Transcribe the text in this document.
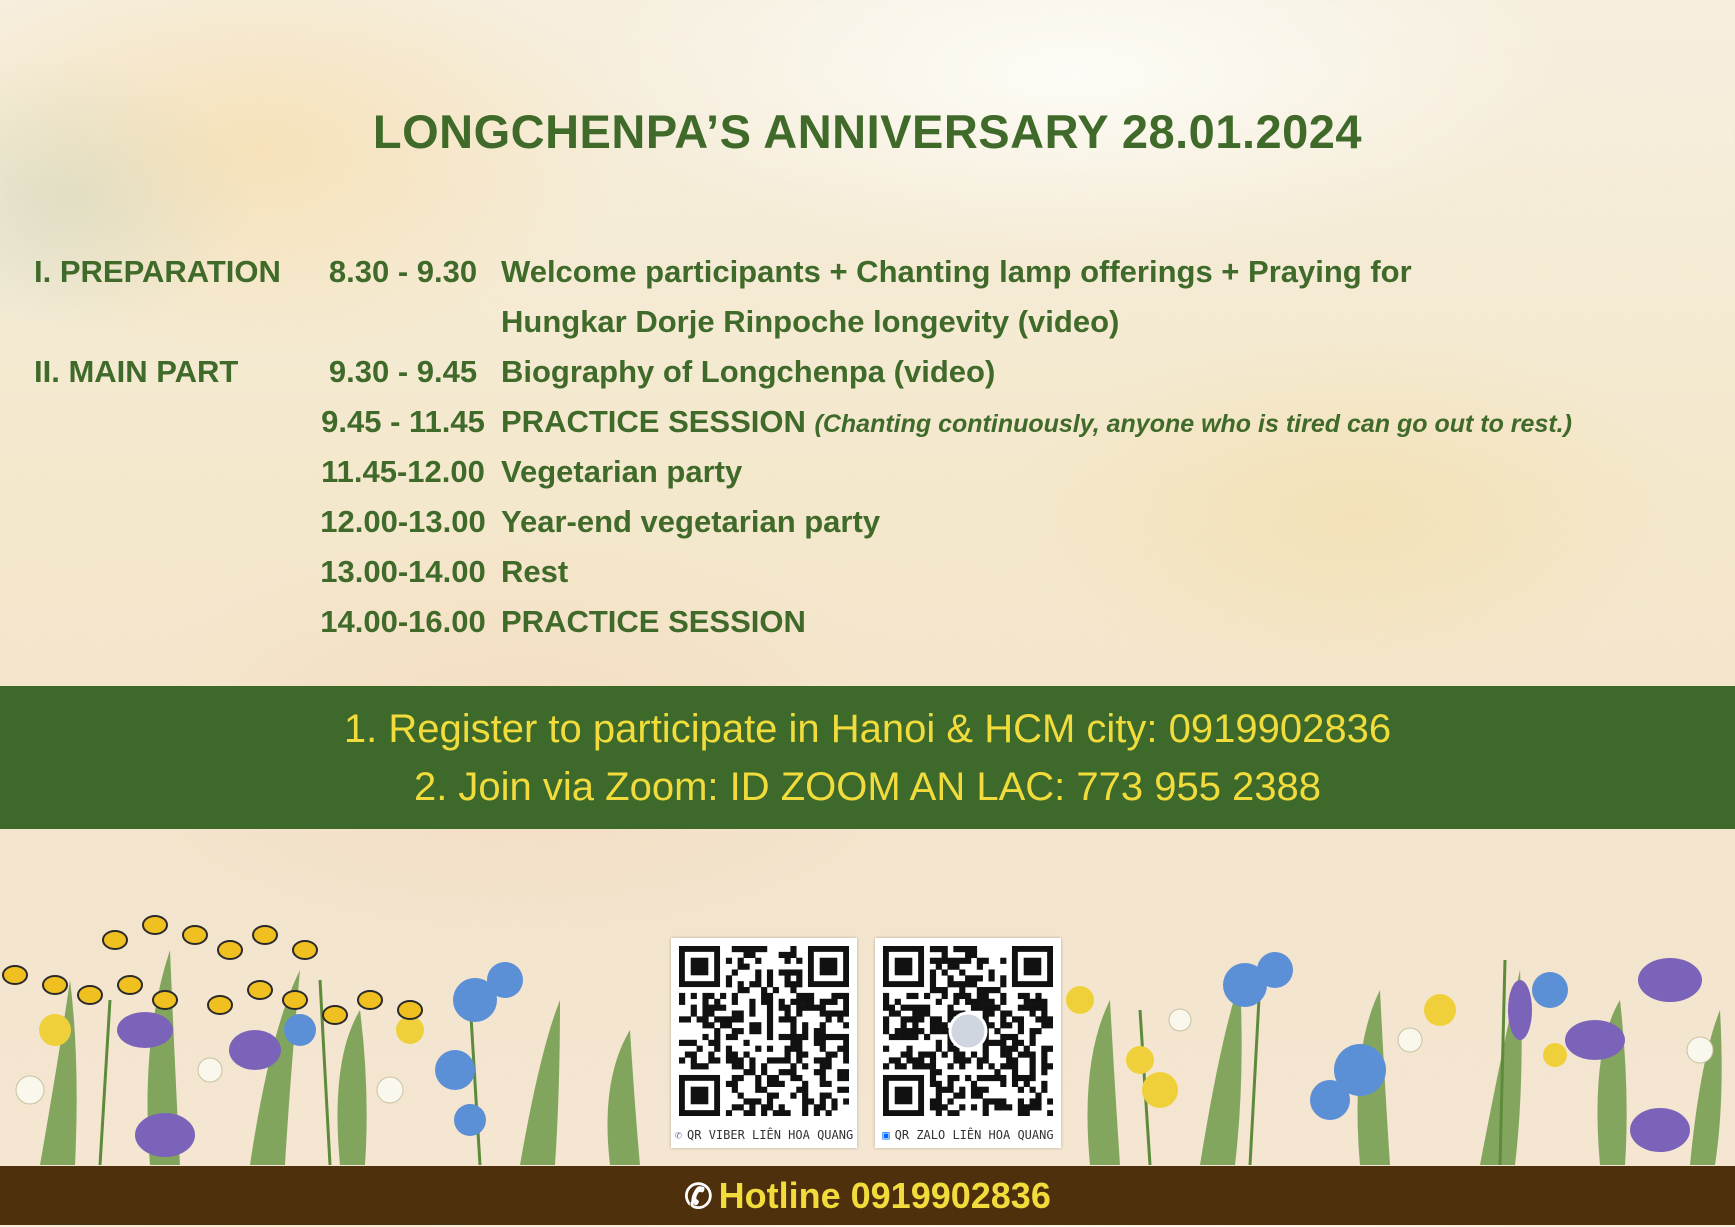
LONGCHENPA’S ANNIVERSARY 28.01.2024
I. PREPARATION	8.30 - 9.30 Welcome participants + Chanting lamp offerings + Praying for
Hungkar Dorje Rinpoche longevity (video)
II. MAIN PART	9.30 - 9.45 Biography of Longchenpa (video)
9.45 - 11.45 PRACTICE SESSION (Chanting continuously, anyone who is tired can go out to rest.)
11.45-12.00 Vegetarian party
12.00-13.00 Year-end vegetarian party
13.00-14.00 Rest
14.00-16.00 PRACTICE SESSION
1. Register to participate in Hanoi & HCM city: 0919902836
2. Join via Zoom: ID ZOOM AN LAC: 773 955 2388
✆ QR VIBER LIÊN HOA QUANG	▣ QR ZALO LIÊN HOA QUANG
✆ Hotline 0919902836
